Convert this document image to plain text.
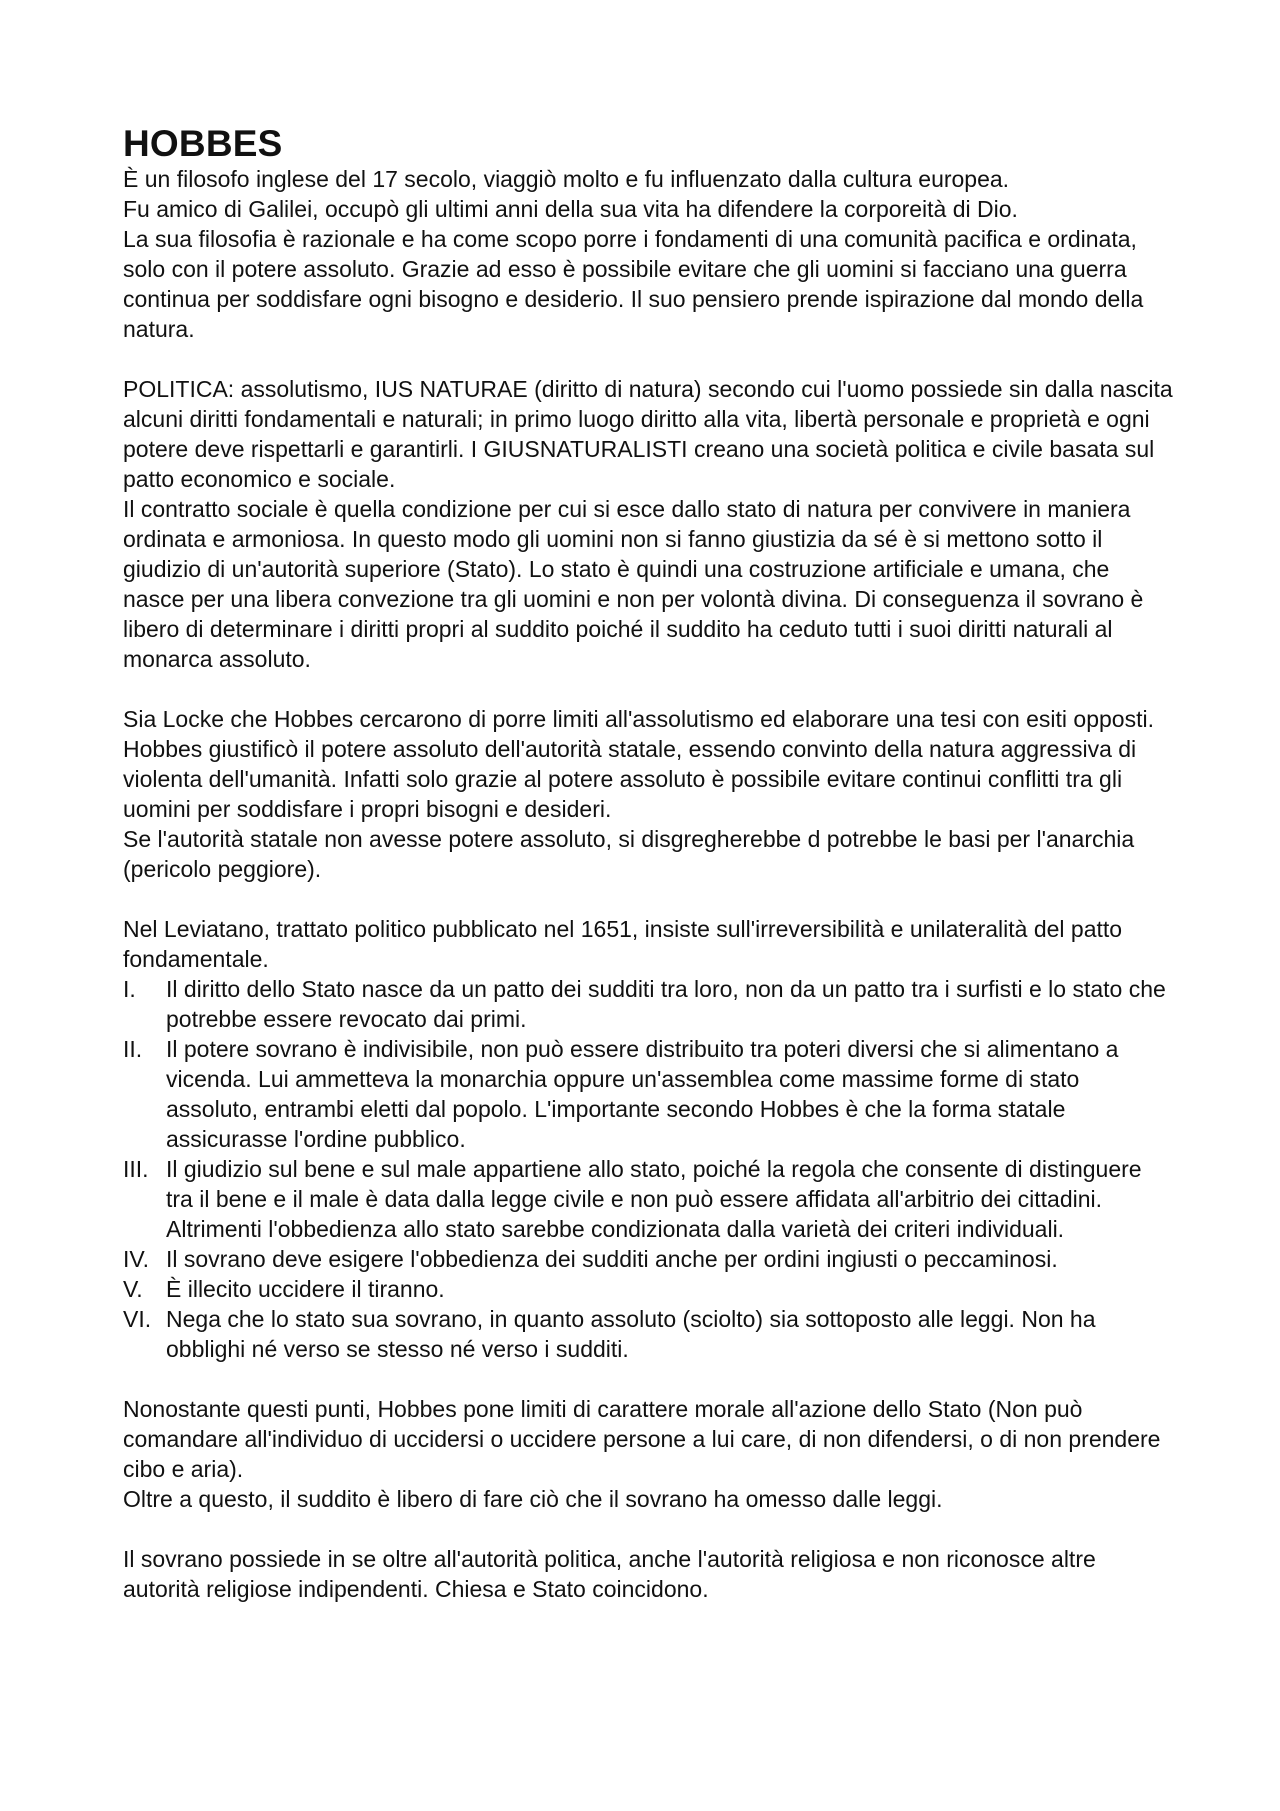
HOBBES

È un filosofo inglese del 17 secolo, viaggiò molto e fu influenzato dalla cultura europea.

Fu amico di Galilei, occupò gli ultimi anni della sua vita ha difendere la corporeità di Dio.

La sua filosofia è razionale e ha come scopo porre i fondamenti di una comunità pacifica e ordinata, solo con il potere assoluto. Grazie ad esso è possibile evitare che gli uomini si facciano una guerra continua per soddisfare ogni bisogno e desiderio. Il suo pensiero prende ispirazione dal mondo della natura.

POLITICA: assolutismo, IUS NATURAE (diritto di natura) secondo cui l'uomo possiede sin dalla nascita alcuni diritti fondamentali e naturali; in primo luogo diritto alla vita, libertà personale e proprietà e ogni potere deve rispettarli e garantirli. I GIUSNATURALISTI creano una società politica e civile basata sul patto economico e sociale.

Il contratto sociale è quella condizione per cui si esce dallo stato di natura per convivere in maniera ordinata e armoniosa. In questo modo gli uomini non si fanno giustizia da sé è si mettono sotto il giudizio di un'autorità superiore (Stato). Lo stato è quindi una costruzione artificiale e umana, che nasce per una libera convezione tra gli uomini e non per volontà divina. Di conseguenza il sovrano è libero di determinare i diritti propri al suddito poiché il suddito ha ceduto tutti i suoi diritti naturali al monarca assoluto.

Sia Locke che Hobbes cercarono di porre limiti all'assolutismo ed elaborare una tesi con esiti opposti. Hobbes giustificò il potere assoluto dell'autorità statale, essendo convinto della natura aggressiva di violenta dell'umanità. Infatti solo grazie al potere assoluto è possibile evitare continui conflitti tra gli uomini per soddisfare i propri bisogni e desideri.

Se l'autorità statale non avesse potere assoluto, si disgregherebbe d potrebbe le basi per l'anarchia (pericolo peggiore).

Nel Leviatano, trattato politico pubblicato nel 1651, insiste sull'irreversibilità e unilateralità del patto fondamentale.

I. Il diritto dello Stato nasce da un patto dei sudditi tra loro, non da un patto tra i surfisti e lo stato che potrebbe essere revocato dai primi.
II. Il potere sovrano è indivisibile, non può essere distribuito tra poteri diversi che si alimentano a vicenda. Lui ammetteva la monarchia oppure un'assemblea come massime forme di stato assoluto, entrambi eletti dal popolo. L'importante secondo Hobbes è che la forma statale assicurasse l'ordine pubblico.
III. Il giudizio sul bene e sul male appartiene allo stato, poiché la regola che consente di distinguere tra il bene e il male è data dalla legge civile e non può essere affidata all'arbitrio dei cittadini. Altrimenti l'obbedienza allo stato sarebbe condizionata dalla varietà dei criteri individuali.
IV. Il sovrano deve esigere l'obbedienza dei sudditi anche per ordini ingiusti o peccaminosi.
V. È illecito uccidere il tiranno.
VI. Nega che lo stato sua sovrano, in quanto assoluto (sciolto) sia sottoposto alle leggi. Non ha obblighi né verso se stesso né verso i sudditi.

Nonostante questi punti, Hobbes pone limiti di carattere morale all'azione dello Stato (Non può comandare all'individuo di uccidersi o uccidere persone a lui care, di non difendersi, o di non prendere cibo e aria).

Oltre a questo, il suddito è libero di fare ciò che il sovrano ha omesso dalle leggi.

Il sovrano possiede in se oltre all'autorità politica, anche l'autorità religiosa e non riconosce altre autorità religiose indipendenti. Chiesa e Stato coincidono.
